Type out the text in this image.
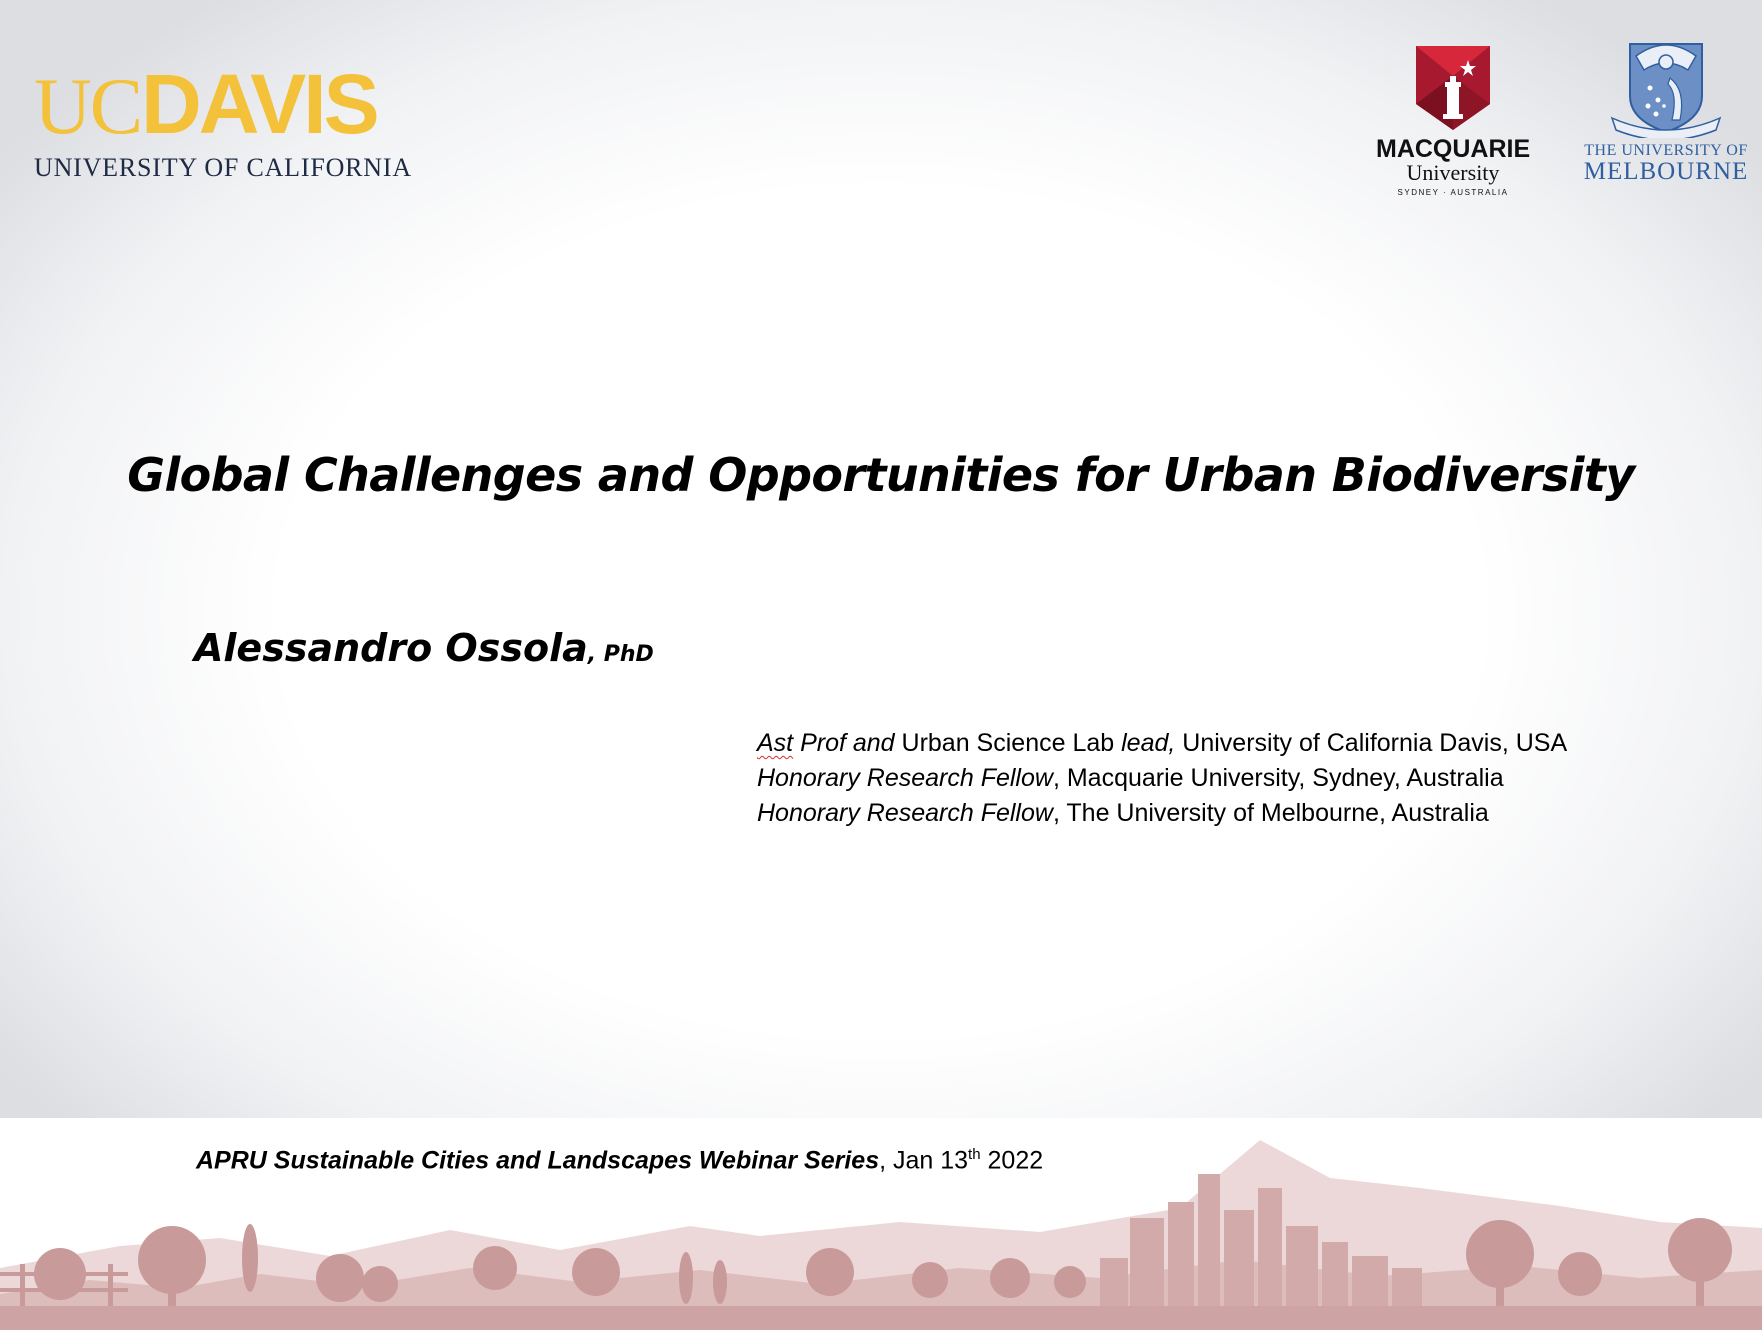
UCDAVIS
UNIVERSITY OF CALIFORNIA
MACQUARIE
University
SYDNEY · AUSTRALIA
THE UNIVERSITY OF
MELBOURNE
Global Challenges and Opportunities for Urban Biodiversity
Alessandro Ossola, PhD
Ast Prof and Urban Science Lab lead, University of California Davis, USA
Honorary Research Fellow, Macquarie University, Sydney, Australia
Honorary Research Fellow, The University of Melbourne, Australia
APRU Sustainable Cities and Landscapes Webinar Series, Jan 13th 2022
